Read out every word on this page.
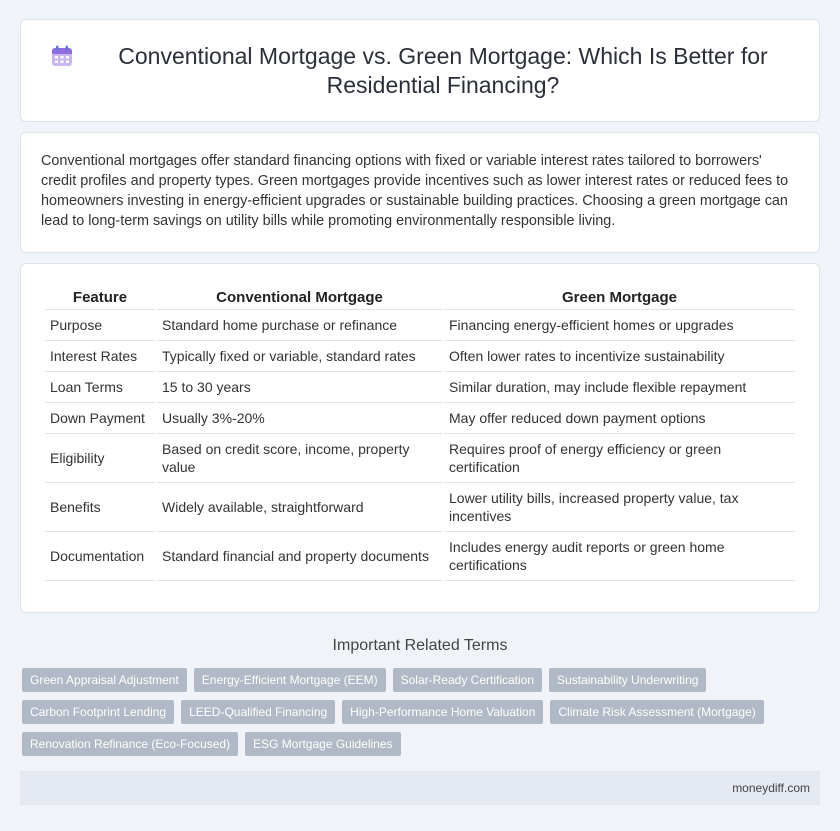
Conventional Mortgage vs. Green Mortgage: Which Is Better for Residential Financing?

Conventional mortgages offer standard financing options with fixed or variable interest rates tailored to borrowers' credit profiles and property types. Green mortgages provide incentives such as lower interest rates or reduced fees to homeowners investing in energy-efficient upgrades or sustainable building practices. Choosing a green mortgage can lead to long-term savings on utility bills while promoting environmentally responsible living.

Feature	Conventional Mortgage	Green Mortgage
Purpose	Standard home purchase or refinance	Financing energy-efficient homes or upgrades
Interest Rates	Typically fixed or variable, standard rates	Often lower rates to incentivize sustainability
Loan Terms	15 to 30 years	Similar duration, may include flexible repayment
Down Payment	Usually 3%-20%	May offer reduced down payment options
Eligibility	Based on credit score, income, property value	Requires proof of energy efficiency or green certification
Benefits	Widely available, straightforward	Lower utility bills, increased property value, tax incentives
Documentation	Standard financial and property documents	Includes energy audit reports or green home certifications
Important Related Terms
Green Appraisal Adjustment	Energy-Efficient Mortgage (EEM)	Solar-Ready Certification	Sustainability Underwriting
Carbon Footprint Lending	LEED-Qualified Financing	High-Performance Home Valuation	Climate Risk Assessment (Mortgage)
Renovation Refinance (Eco-Focused)	ESG Mortgage Guidelines
moneydiff.com
